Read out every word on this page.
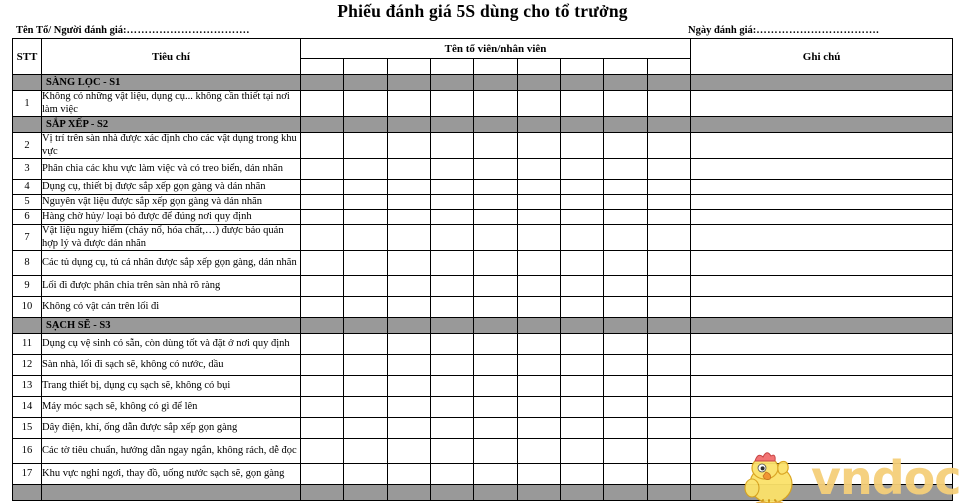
Phiếu đánh giá 5S dùng cho tổ trưởng
Tên Tổ/ Người đánh giá:…………………………….	Ngày đánh giá:…………………………….
STT	Tiêu chí	Tên tổ viên/nhân viên									Ghi chú

	SÀNG LỌC - S1										
1	Không có những vật liệu, dụng cụ... không cần thiết tại nơi làm việc										
	SẮP XẾP - S2										
2	Vị trí trên sàn nhà được xác định cho các vật dụng trong khu vực										
3	Phân chia các khu vực làm việc và có treo biển, dán nhãn										
4	Dụng cụ, thiết bị được sắp xếp gọn gàng và dán nhãn										
5	Nguyên vật liệu được sắp xếp gọn gàng và dán nhãn										
6	Hàng chờ hủy/ loại bỏ được để đúng nơi quy định										
7	Vật liệu nguy hiểm (cháy nổ, hóa chất,…) được bảo quản hợp lý và được dán nhãn										
8	Các tủ dụng cụ, tủ cá nhân được sắp xếp gọn gàng, dán nhãn										
9	Lối đi được phân chia trên sàn nhà rõ ràng										
10	Không có vật cản trên lối đi										
	SẠCH SẼ - S3										
11	Dụng cụ vệ sinh có sẵn, còn dùng tốt và đặt ở nơi quy định										
12	Sàn nhà, lối đi sạch sẽ, không có nước, dầu										
13	Trang thiết bị, dụng cụ sạch sẽ, không có bụi										
14	Máy móc sạch sẽ, không có gì để lên										
15	Dây điện, khí, ống dẫn được sắp xếp gọn gàng										
16	Các tờ tiêu chuẩn, hướng dẫn ngay ngắn, không rách, dễ đọc										
17	Khu vực nghỉ ngơi, thay đồ, uống nước sạch sẽ, gọn gàng										
												vndoc
